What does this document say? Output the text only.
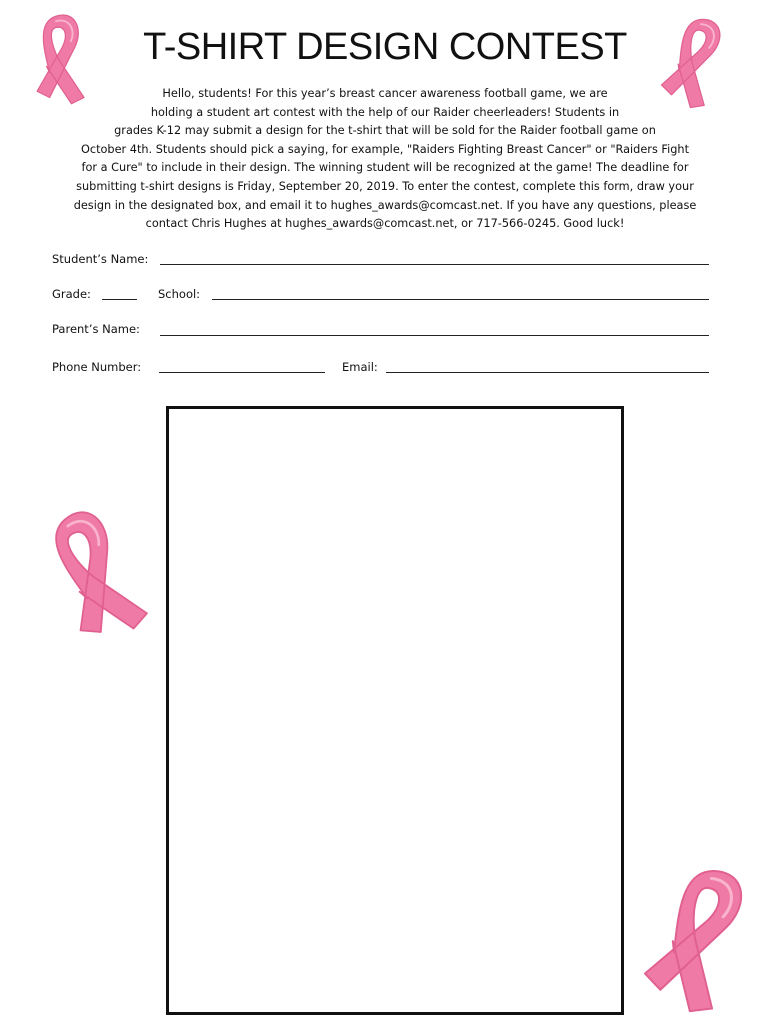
T-SHIRT DESIGN CONTEST
Hello, students! For this year’s breast cancer awareness football game, we are
holding a student art contest with the help of our Raider cheerleaders! Students in
grades K-12 may submit a design for the t-shirt that will be sold for the Raider football game on
October 4th. Students should pick a saying, for example, "Raiders Fighting Breast Cancer" or "Raiders Fight
for a Cure" to include in their design. The winning student will be recognized at the game! The deadline for
submitting t-shirt designs is Friday, September 20, 2019. To enter the contest, complete this form, draw your
design in the designated box, and email it to hughes_awards@comcast.net. If you have any questions, please
contact Chris Hughes at hughes_awards@comcast.net, or 717-566-0245. Good luck!
Student’s Name:
Grade:	School:
Parent’s Name:
Phone Number:	Email:
